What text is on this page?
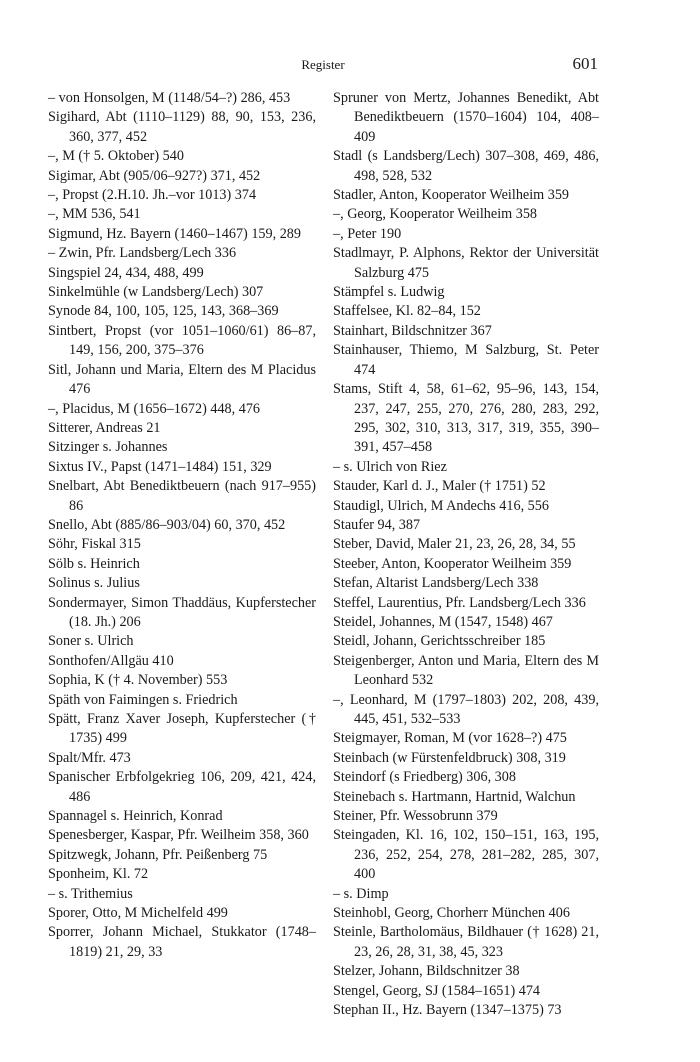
Register	601
– von Honsolgen, M (1148/54–?) 286, 453
Sigihard, Abt (1110–1129) 88, 90, 153, 236, 360, 377, 452
–, M († 5. Oktober) 540
Sigimar, Abt (905/06–927?) 371, 452
–, Propst (2.H.10. Jh.–vor 1013) 374
–, MM 536, 541
Sigmund, Hz. Bayern (1460–1467) 159, 289
– Zwin, Pfr. Landsberg/Lech 336
Singspiel 24, 434, 488, 499
Sinkelmühle (w Landsberg/Lech) 307
Synode 84, 100, 105, 125, 143, 368–369
Sintbert, Propst (vor 1051–1060/61) 86–87, 149, 156, 200, 375–376
Sitl, Johann und Maria, Eltern des M Placidus 476
–, Placidus, M (1656–1672) 448, 476
Sitterer, Andreas 21
Sitzinger s. Johannes
Sixtus IV., Papst (1471–1484) 151, 329
Snelbart, Abt Benediktbeuern (nach 917–955) 86
Snello, Abt (885/86–903/04) 60, 370, 452
Söhr, Fiskal 315
Sölb s. Heinrich
Solinus s. Julius
Sondermayer, Simon Thaddäus, Kupferstecher (18. Jh.) 206
Soner s. Ulrich
Sonthofen/Allgäu 410
Sophia, K († 4. November) 553
Späth von Faimingen s. Friedrich
Spätt, Franz Xaver Joseph, Kupferstecher († 1735) 499
Spalt/Mfr. 473
Spanischer Erbfolgekrieg 106, 209, 421, 424, 486
Spannagel s. Heinrich, Konrad
Spenesberger, Kaspar, Pfr. Weilheim 358, 360
Spitzwegk, Johann, Pfr. Peißenberg 75
Sponheim, Kl. 72
– s. Trithemius
Sporer, Otto, M Michelfeld 499
Sporrer, Johann Michael, Stukkator (1748–1819) 21, 29, 33
Spruner von Mertz, Johannes Benedikt, Abt Benediktbeuern (1570–1604) 104, 408–409
Stadl (s Landsberg/Lech) 307–308, 469, 486, 498, 528, 532
Stadler, Anton, Kooperator Weilheim 359
–, Georg, Kooperator Weilheim 358
–, Peter 190
Stadlmayr, P. Alphons, Rektor der Universität Salzburg 475
Stämpfel s. Ludwig
Staffelsee, Kl. 82–84, 152
Stainhart, Bildschnitzer 367
Stainhauser, Thiemo, M Salzburg, St. Peter 474
Stams, Stift 4, 58, 61–62, 95–96, 143, 154, 237, 247, 255, 270, 276, 280, 283, 292, 295, 302, 310, 313, 317, 319, 355, 390–391, 457–458
– s. Ulrich von Riez
Stauder, Karl d. J., Maler († 1751) 52
Staudigl, Ulrich, M Andechs 416, 556
Staufer 94, 387
Steber, David, Maler 21, 23, 26, 28, 34, 55
Steeber, Anton, Kooperator Weilheim 359
Stefan, Altarist Landsberg/Lech 338
Steffel, Laurentius, Pfr. Landsberg/Lech 336
Steidel, Johannes, M (1547, 1548) 467
Steidl, Johann, Gerichtsschreiber 185
Steigenberger, Anton und Maria, Eltern des M Leonhard 532
–, Leonhard, M (1797–1803) 202, 208, 439, 445, 451, 532–533
Steigmayer, Roman, M (vor 1628–?) 475
Steinbach (w Fürstenfeldbruck) 308, 319
Steindorf (s Friedberg) 306, 308
Steinebach s. Hartmann, Hartnid, Walchun
Steiner, Pfr. Wessobrunn 379
Steingaden, Kl. 16, 102, 150–151, 163, 195, 236, 252, 254, 278, 281–282, 285, 307, 400
– s. Dimp
Steinhobl, Georg, Chorherr München 406
Steinle, Bartholomäus, Bildhauer († 1628) 21, 23, 26, 28, 31, 38, 45, 323
Stelzer, Johann, Bildschnitzer 38
Stengel, Georg, SJ (1584–1651) 474
Stephan II., Hz. Bayern (1347–1375) 73
